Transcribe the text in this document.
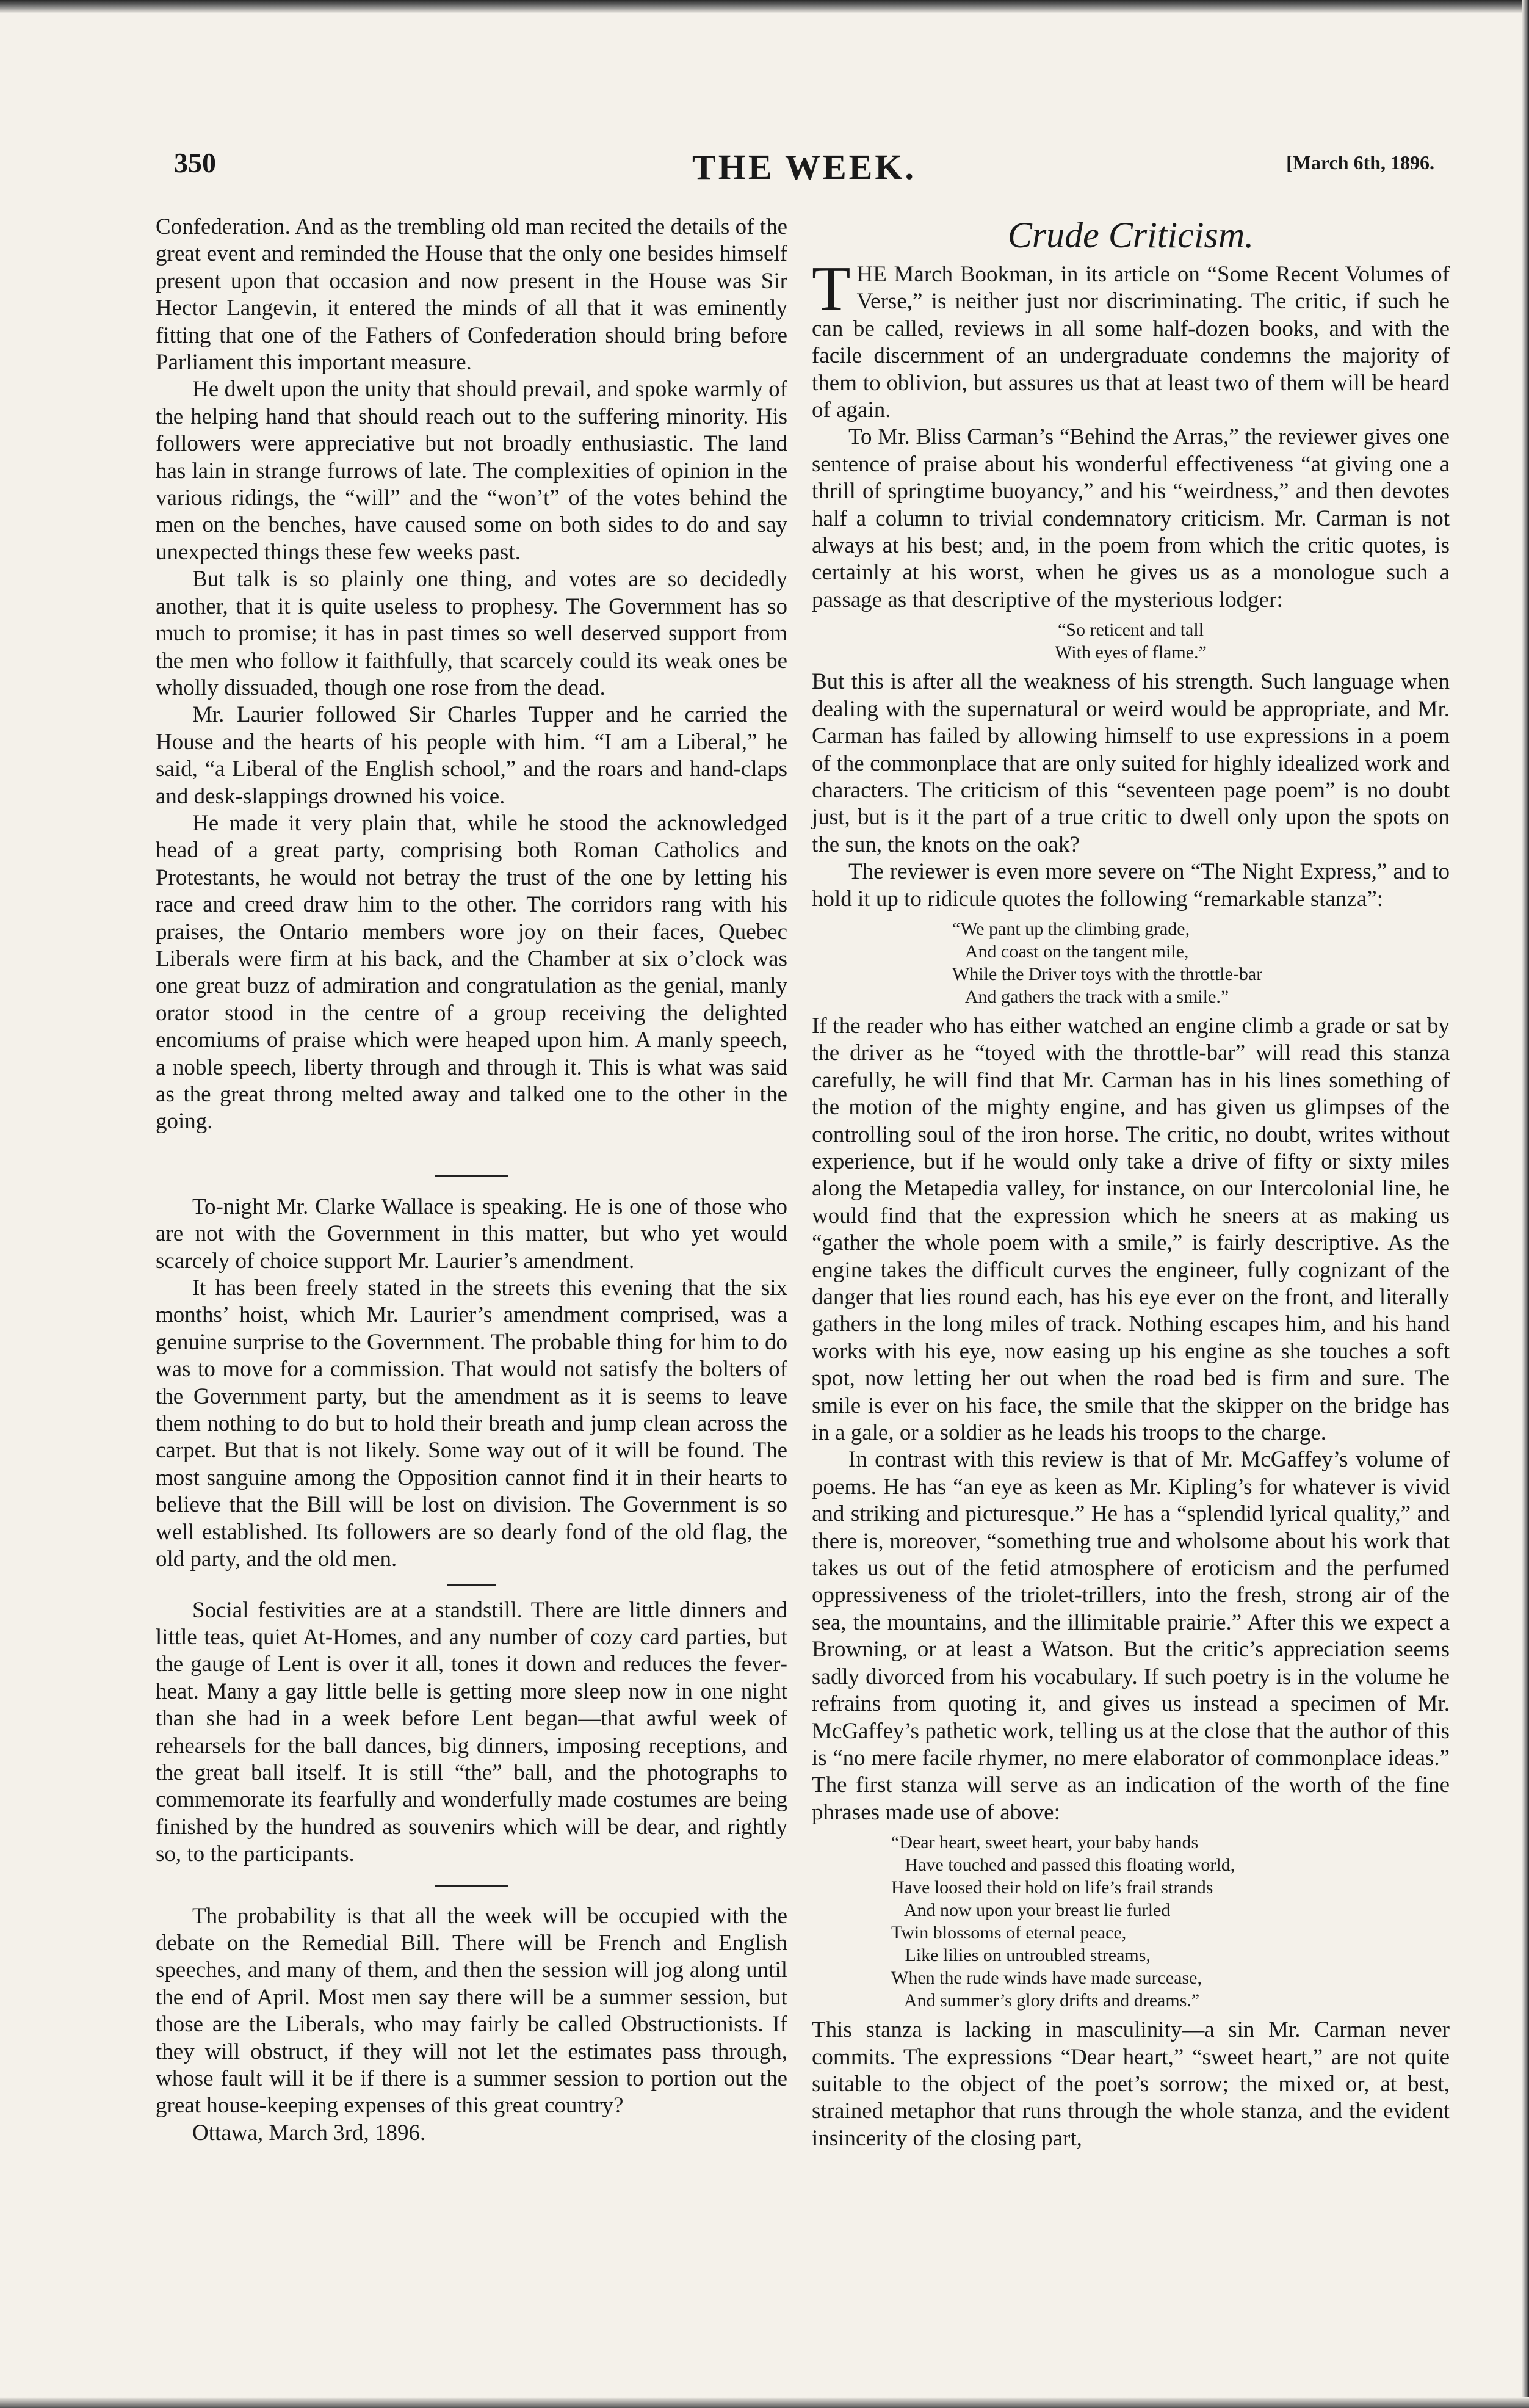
THE WEEK.
350	[March 6th, 1896.

Confederation. And as the trembling old man recited the details of the great event and reminded the House that the only one besides himself present upon that occasion and now present in the House was Sir Hector Langevin, it entered the minds of all that it was eminently fitting that one of the Fathers of Confederation should bring before Parliament this important measure.

He dwelt upon the unity that should prevail, and spoke warmly of the helping hand that should reach out to the suffering minority. His followers were appreciative but not broadly enthusiastic. The land has lain in strange furrows of late. The complexities of opinion in the various ridings, the “will” and the “won’t” of the votes behind the men on the benches, have caused some on both sides to do and say unexpected things these few weeks past.

But talk is so plainly one thing, and votes are so decidedly another, that it is quite useless to prophesy. The Government has so much to promise; it has in past times so well deserved support from the men who follow it faithfully, that scarcely could its weak ones be wholly dissuaded, though one rose from the dead.

Mr. Laurier followed Sir Charles Tupper and he carried the House and the hearts of his people with him. “I am a Liberal,” he said, “a Liberal of the English school,” and the roars and hand-claps and desk-slappings drowned his voice.

He made it very plain that, while he stood the acknowledged head of a great party, comprising both Roman Catholics and Protestants, he would not betray the trust of the one by letting his race and creed draw him to the other. The corridors rang with his praises, the Ontario members wore joy on their faces, Quebec Liberals were firm at his back, and the Chamber at six o’clock was one great buzz of admiration and congratulation as the genial, manly orator stood in the centre of a group receiving the delighted encomiums of praise which were heaped upon him. A manly speech, a noble speech, liberty through and through it. This is what was said as the great throng melted away and talked one to the other in the going.

To-night Mr. Clarke Wallace is speaking. He is one of those who are not with the Government in this matter, but who yet would scarcely of choice support Mr. Laurier’s amendment.

It has been freely stated in the streets this evening that the six months’ hoist, which Mr. Laurier’s amendment comprised, was a genuine surprise to the Government. The probable thing for him to do was to move for a commission. That would not satisfy the bolters of the Government party, but the amendment as it is seems to leave them nothing to do but to hold their breath and jump clean across the carpet. But that is not likely. Some way out of it will be found. The most sanguine among the Opposition cannot find it in their hearts to believe that the Bill will be lost on division. The Government is so well established. Its followers are so dearly fond of the old flag, the old party, and the old men.

Social festivities are at a standstill. There are little dinners and little teas, quiet At-Homes, and any number of cozy card parties, but the gauge of Lent is over it all, tones it down and reduces the fever-heat. Many a gay little belle is getting more sleep now in one night than she had in a week before Lent began—that awful week of rehearsels for the ball dances, big dinners, imposing receptions, and the great ball itself. It is still “the” ball, and the photographs to commemorate its fearfully and wonderfully made costumes are being finished by the hundred as souvenirs which will be dear, and rightly so, to the participants.

The probability is that all the week will be occupied with the debate on the Remedial Bill. There will be French and English speeches, and many of them, and then the session will jog along until the end of April. Most men say there will be a summer session, but those are the Liberals, who may fairly be called Obstructionists. If they will obstruct, if they will not let the estimates pass through, whose fault will it be if there is a summer session to portion out the great house-keeping expenses of this great country?

Ottawa, March 3rd, 1896.

Crude Criticism.

THE March Bookman, in its article on “Some Recent Volumes of Verse,” is neither just nor discriminating. The critic, if such he can be called, reviews in all some half-dozen books, and with the facile discernment of an undergraduate condemns the majority of them to oblivion, but assures us that at least two of them will be heard of again.

To Mr. Bliss Carman’s “Behind the Arras,” the reviewer gives one sentence of praise about his wonderful effectiveness “at giving one a thrill of springtime buoyancy,” and his “weirdness,” and then devotes half a column to trivial condemnatory criticism. Mr. Carman is not always at his best; and, in the poem from which the critic quotes, is certainly at his worst, when he gives us as a monologue such a passage as that descriptive of the mysterious lodger:

“So reticent and tall
With eyes of flame.”

But this is after all the weakness of his strength. Such language when dealing with the supernatural or weird would be appropriate, and Mr. Carman has failed by allowing himself to use expressions in a poem of the commonplace that are only suited for highly idealized work and characters. The criticism of this “seventeen page poem” is no doubt just, but is it the part of a true critic to dwell only upon the spots on the sun, the knots on the oak?

The reviewer is even more severe on “The Night Express,” and to hold it up to ridicule quotes the following “remarkable stanza”:

“We pant up the climbing grade,
And coast on the tangent mile,
While the Driver toys with the throttle-bar
And gathers the track with a smile.”

If the reader who has either watched an engine climb a grade or sat by the driver as he “toyed with the throttle-bar” will read this stanza carefully, he will find that Mr. Carman has in his lines something of the motion of the mighty engine, and has given us glimpses of the controlling soul of the iron horse. The critic, no doubt, writes without experience, but if he would only take a drive of fifty or sixty miles along the Metapedia valley, for instance, on our Intercolonial line, he would find that the expression which he sneers at as making us “gather the whole poem with a smile,” is fairly descriptive. As the engine takes the difficult curves the engineer, fully cognizant of the danger that lies round each, has his eye ever on the front, and literally gathers in the long miles of track. Nothing escapes him, and his hand works with his eye, now easing up his engine as she touches a soft spot, now letting her out when the road bed is firm and sure. The smile is ever on his face, the smile that the skipper on the bridge has in a gale, or a soldier as he leads his troops to the charge.

In contrast with this review is that of Mr. McGaffey’s volume of poems. He has “an eye as keen as Mr. Kipling’s for whatever is vivid and striking and picturesque.” He has a “splendid lyrical quality,” and there is, moreover, “something true and wholsome about his work that takes us out of the fetid atmosphere of eroticism and the perfumed oppressiveness of the triolet-trillers, into the fresh, strong air of the sea, the mountains, and the illimitable prairie.” After this we expect a Browning, or at least a Watson. But the critic’s appreciation seems sadly divorced from his vocabulary. If such poetry is in the volume he refrains from quoting it, and gives us instead a specimen of Mr. McGaffey’s pathetic work, telling us at the close that the author of this is “no mere facile rhymer, no mere elaborator of commonplace ideas.” The first stanza will serve as an indication of the worth of the fine phrases made use of above:

“Dear heart, sweet heart, your baby hands
Have touched and passed this floating world,
Have loosed their hold on life’s frail strands
And now upon your breast lie furled
Twin blossoms of eternal peace,
Like lilies on untroubled streams,
When the rude winds have made surcease,
And summer’s glory drifts and dreams.”

This stanza is lacking in masculinity—a sin Mr. Carman never commits. The expressions “Dear heart,” “sweet heart,” are not quite suitable to the object of the poet’s sorrow; the mixed or, at best, strained metaphor that runs through the whole stanza, and the evident insincerity of the closing part,
